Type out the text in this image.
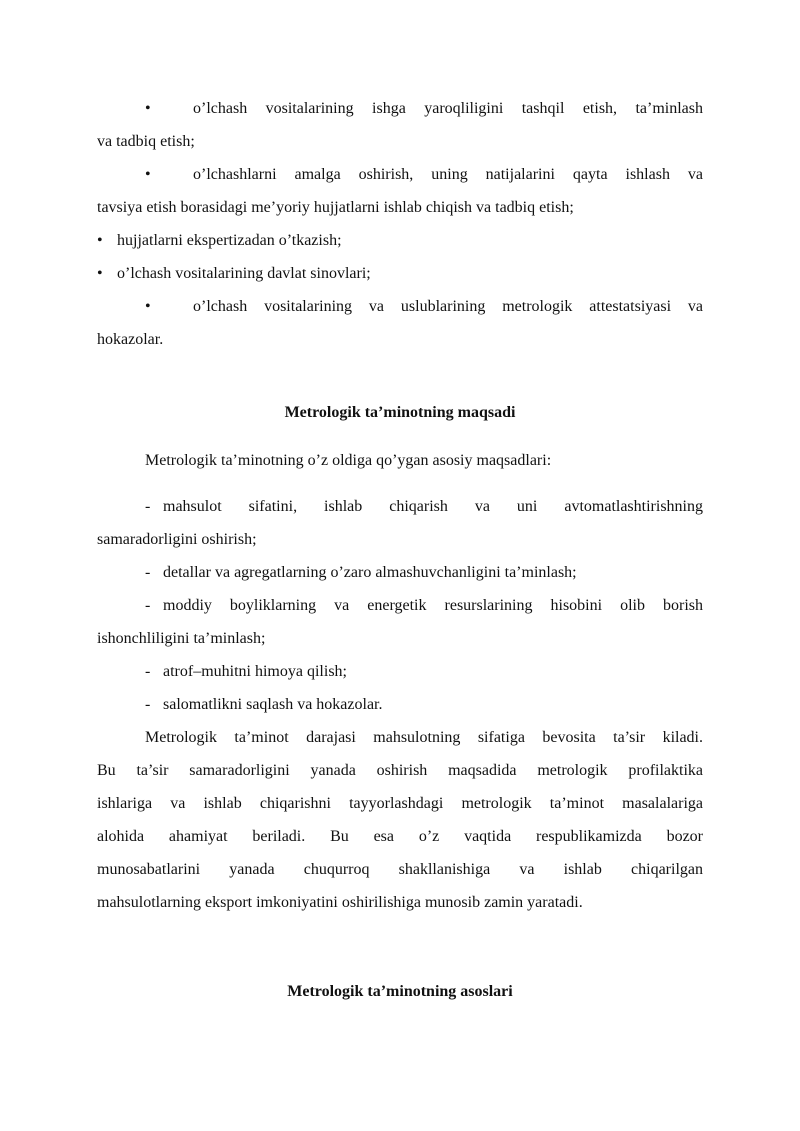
•	o’lchash vositalarining ishga yaroqliligini tashqil etish, ta’minlash
va tadbiq etish;
•	o’lchashlarni amalga oshirish, uning natijalarini qayta ishlash va
tavsiya etish borasidagi me’yoriy hujjatlarni ishlab chiqish va tadbiq etish;
• hujjatlarni ekspertizadan o’tkazish;
• o’lchash vositalarining davlat sinovlari;
•	o’lchash vositalarining va uslublarining metrologik attestatsiyasi va
hokazolar.
Metrologik ta’minotning maqsadi
Metrologik ta’minotning o’z oldiga qo’ygan asosiy maqsadlari:
- mahsulot sifatini, ishlab chiqarish va uni avtomatlashtirishning
samaradorligini oshirish;
- detallar va agregatlarning o’zaro almashuvchanligini ta’minlash;
- moddiy boyliklarning va energetik resurslarining hisobini olib borish
ishonchliligini ta’minlash;
- atrof–muhitni himoya qilish;
- salomatlikni saqlash va hokazolar.
Metrologik ta’minot darajasi mahsulotning sifatiga bevosita ta’sir kiladi.
Bu ta’sir samaradorligini yanada oshirish maqsadida metrologik profilaktika
ishlariga va ishlab chiqarishni tayyorlashdagi metrologik ta’minot masalalariga
alohida ahamiyat beriladi. Bu esa o’z vaqtida respublikamizda bozor
munosabatlarini yanada chuqurroq shakllanishiga va ishlab chiqarilgan
mahsulotlarning eksport imkoniyatini oshirilishiga munosib zamin yaratadi.
Metrologik ta’minotning asoslari
